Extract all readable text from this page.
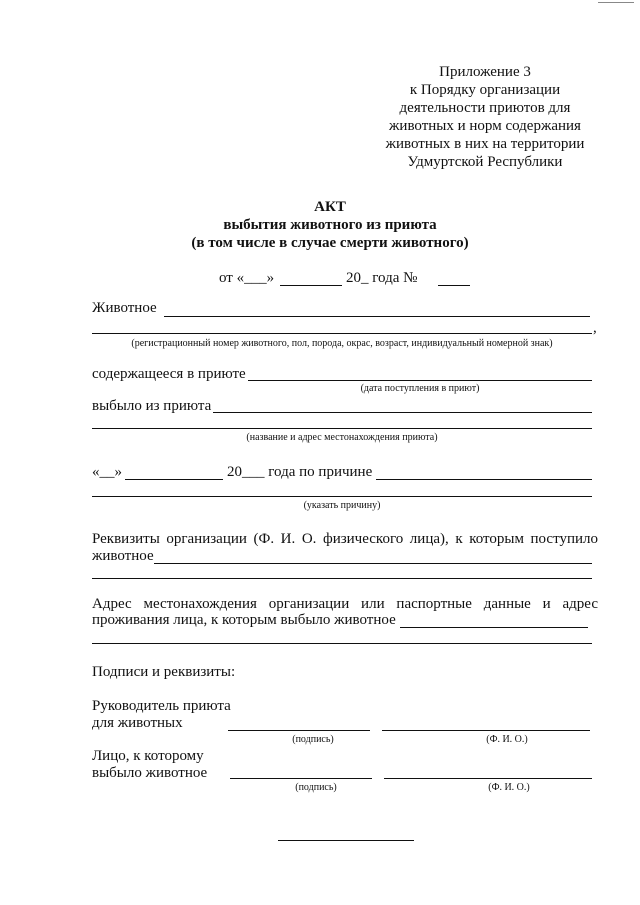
Приложение 3
к Порядку организации
деятельности приютов для
животных и норм содержания
животных в них на территории
Удмуртской Республики
АКТ
выбытия животного из приюта
(в том числе в случае смерти животного)
от «___»	20_ года №
Животное
,
(регистрационный номер животного, пол, порода, окрас, возраст, индивидуальный номерной знак)
содержащееся в приюте
(дата поступления в приют)
выбыло из приюта
(название и адрес местонахождения приюта)
«__»	20___ года по причине
(указать причину)
Реквизиты организации (Ф. И. О. физического лица), к которым поступило
животное
Адрес местонахождения организации или паспортные данные и адрес
проживания лица, к которым выбыло животное
Подписи и реквизиты:
Руководитель приюта
для животных
(подпись)	(Ф. И. О.)
Лицо, к которому
выбыло животное
(подпись)	(Ф. И. О.)
